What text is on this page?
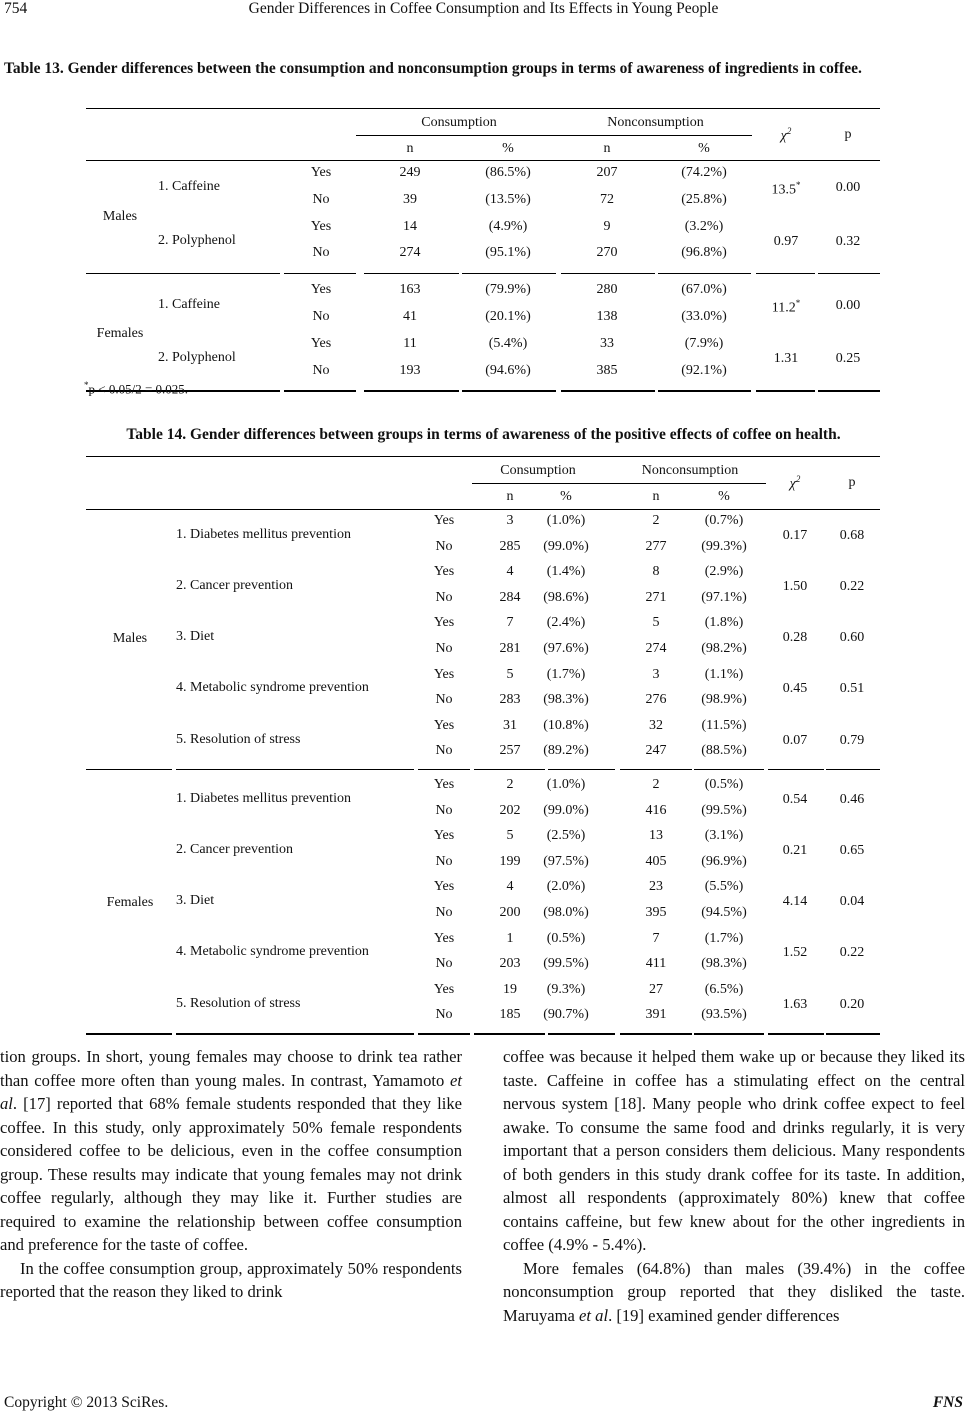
754	Gender Differences in Coffee Consumption and Its Effects in Young People
Table 13. Gender differences between the consumption and nonconsumption groups in terms of awareness of ingredients in coffee.
Consumption	Nonconsumption
n	%	n	%
$\chi^2$	p
Yes	249	(86.5%)	207	(74.2%)
No	39	(13.5%)	72	(25.8%)
1. Caffeine	13.5*	0.00
Yes	14	(4.9%)	9	(3.2%)
No	274	(95.1%)	270	(96.8%)
2. Polyphenol	0.97	0.32
Males
Yes	163	(79.9%)	280	(67.0%)
No	41	(20.1%)	138	(33.0%)
1. Caffeine	11.2*	0.00
Yes	11	(5.4%)	33	(7.9%)
No	193	(94.6%)	385	(92.1%)
2. Polyphenol	1.31	0.25
Females
*p < 0.05/2 = 0.025.
Table 14. Gender differences between groups in terms of awareness of the positive effects of coffee on health.
Consumption	Nonconsumption
n	%	n	%
$\chi^2$	p
Yes	3 (1.0%)	2	(0.7%)
No	285 (99.0%)	277 (99.3%)
1. Diabetes mellitus prevention	0.17 0.68
Yes	4 (1.4%)	8	(2.9%)
No	284 (98.6%)	271 (97.1%)
2. Cancer prevention	1.50 0.22
Yes	7 (2.4%)	5	(1.8%)
No	281 (97.6%)	274 (98.2%)
3. Diet	0.28 0.60
Yes	5 (1.7%)	3	(1.1%)
No	283 (98.3%)	276 (98.9%)
4. Metabolic syndrome prevention	0.45 0.51
Yes	31 (10.8%)	32	(11.5%)
No	257 (89.2%)	247 (88.5%)
5. Resolution of stress	0.07 0.79
Males
Yes	2 (1.0%)	2	(0.5%)
No	202 (99.0%)	416 (99.5%)
1. Diabetes mellitus prevention	0.54 0.46
Yes	5 (2.5%)	13	(3.1%)
No	199 (97.5%)	405 (96.9%)
2. Cancer prevention	0.21 0.65
Yes	4 (2.0%)	23	(5.5%)
No	200 (98.0%)	395 (94.5%)
3. Diet	4.14 0.04
Yes	1 (0.5%)	7	(1.7%)
No	203 (99.5%)	411	(98.3%)
4. Metabolic syndrome prevention	1.52 0.22
Yes	19 (9.3%)	27	(6.5%)
No	185 (90.7%)	391 (93.5%)
5. Resolution of stress	1.63 0.20
Females

tion groups. In short, young females may choose to drink tea rather than coffee more often than young males. In contrast, Yamamoto et al. [17] reported that 68% female students responded that they like coffee. In this study, only approximately 50% female respondents considered coffee to be delicious, even in the coffee consumption group. These results may indicate that young females may not drink coffee regularly, although they may like it. Further studies are required to examine the relationship between coffee consumption and preference for the taste of coffee.

In the coffee consumption group, approximately 50% respondents reported that the reason they liked to drink

coffee was because it helped them wake up or because they liked its taste. Caffeine in coffee has a stimulating effect on the central nervous system [18]. Many people who drink coffee expect to feel awake. To consume the same food and drinks regularly, it is very important that a person considers them delicious. Many respondents of both genders in this study drank coffee for its taste. In addition, almost all respondents (approximately 80%) knew that coffee contains caffeine, but few knew about for the other ingredients in coffee (4.9% - 5.4%).

More females (64.8%) than males (39.4%) in the coffee nonconsumption group reported that they disliked the taste. Maruyama et al. [19] examined gender differences

Copyright © 2013 SciRes.	FNS
